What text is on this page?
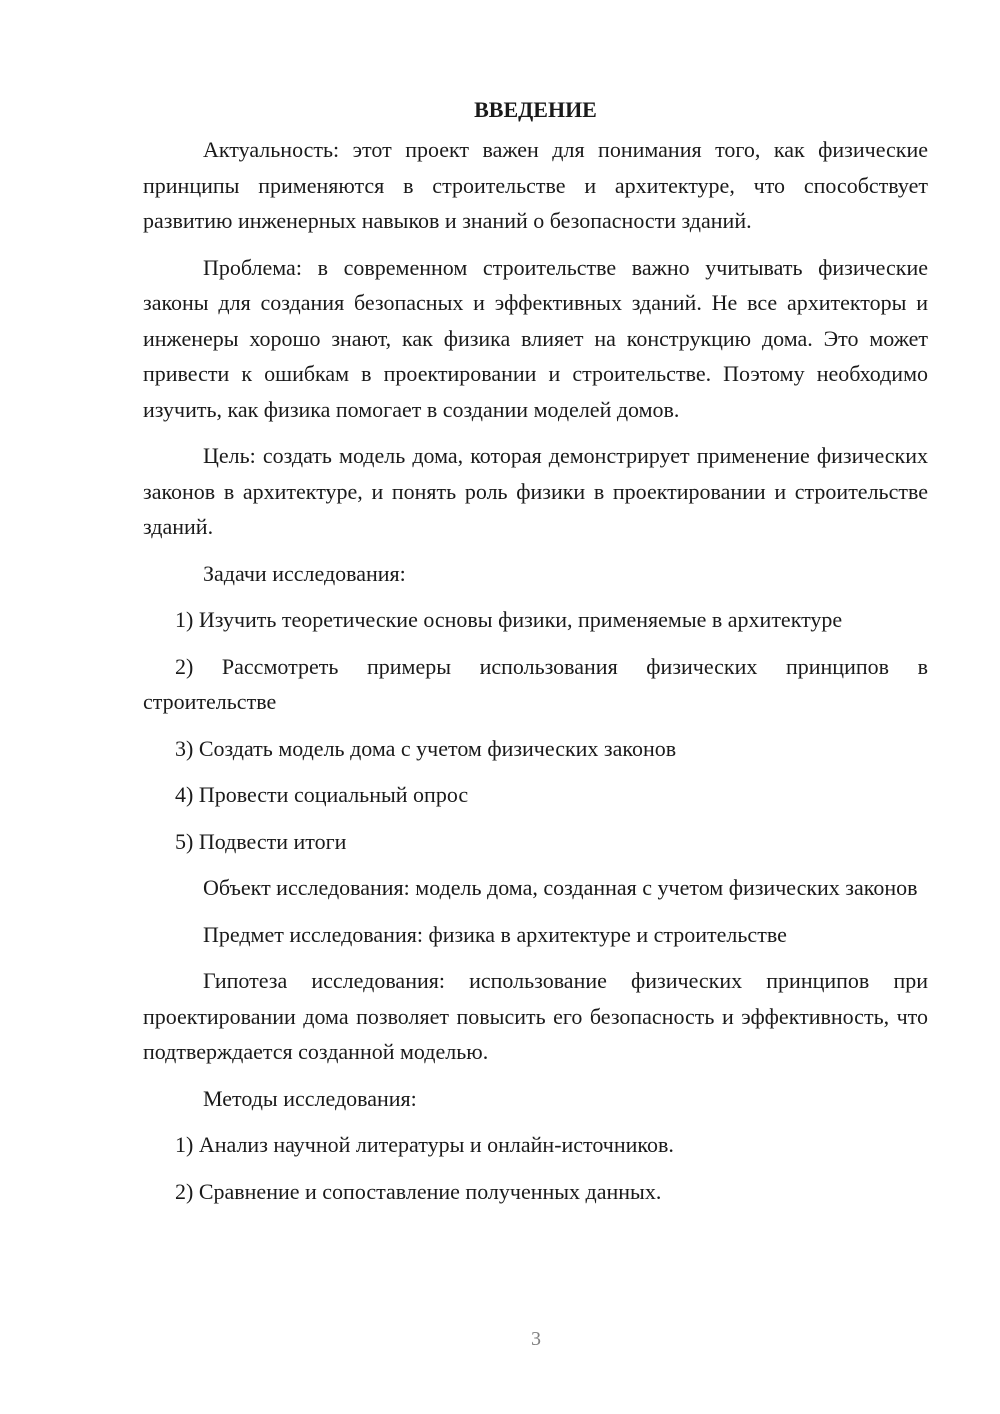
ВВЕДЕНИЕ

Актуальность: этот проект важен для понимания того, как физические принципы применяются в строительстве и архитектуре, что способствует развитию инженерных навыков и знаний о безопасности зданий.

Проблема: в современном строительстве важно учитывать физические законы для создания безопасных и эффективных зданий. Не все архитекторы и инженеры хорошо знают, как физика влияет на конструкцию дома. Это может привести к ошибкам в проектировании и строительстве. Поэтому необходимо изучить, как физика помогает в создании моделей домов.

Цель: создать модель дома, которая демонстрирует применение физических законов в архитектуре, и понять роль физики в проектировании и строительстве зданий.

Задачи исследования:

1) Изучить теоретические основы физики, применяемые в архитектуре

2) Рассмотреть примеры использования физических принципов в строительстве

3) Создать модель дома с учетом физических законов

4) Провести социальный опрос

5) Подвести итоги

Объект исследования: модель дома, созданная с учетом физических законов

Предмет исследования: физика в архитектуре и строительстве

Гипотеза исследования: использование физических принципов при проектировании дома позволяет повысить его безопасность и эффективность, что подтверждается созданной моделью.

Методы исследования:

1) Анализ научной литературы и онлайн-источников.

2) Сравнение и сопоставление полученных данных.

3
